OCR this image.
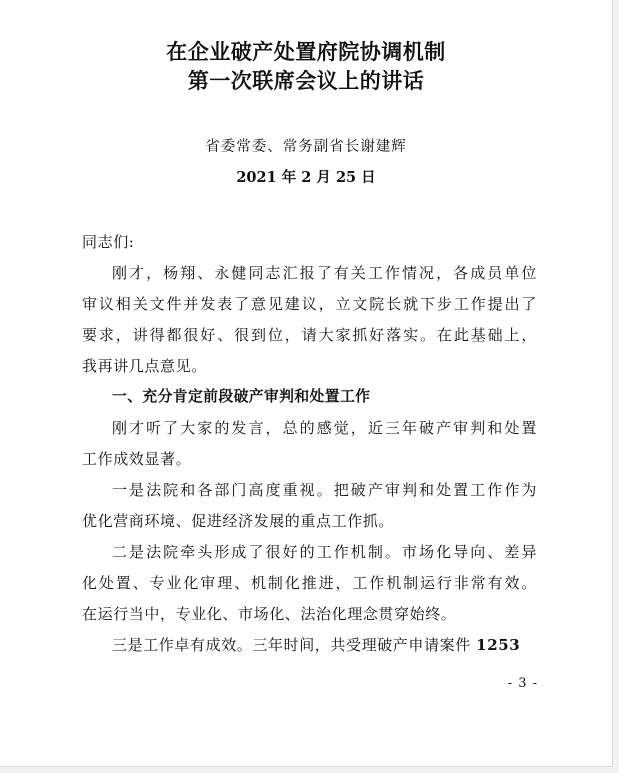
在企业破产处置府院协调机制
第一次联席会议上的讲话
省委常委、常务副省长谢建辉
2021 年 2 月 25 日
同志们:
刚才，杨翔、永健同志汇报了有关工作情况，各成员单位
审议相关文件并发表了意见建议，立文院长就下步工作提出了
要求，讲得都很好、很到位，请大家抓好落实。在此基础上，
我再讲几点意见。
一、充分肯定前段破产审判和处置工作
刚才听了大家的发言，总的感觉，近三年破产审判和处置
工作成效显著。
一是法院和各部门高度重视。把破产审判和处置工作作为
优化营商环境、促进经济发展的重点工作抓。
二是法院牵头形成了很好的工作机制。市场化导向、差异
化处置、专业化审理、机制化推进，工作机制运行非常有效。
在运行当中，专业化、市场化、法治化理念贯穿始终。
三是工作卓有成效。三年时间，共受理破产申请案件 1253
- 3 -
